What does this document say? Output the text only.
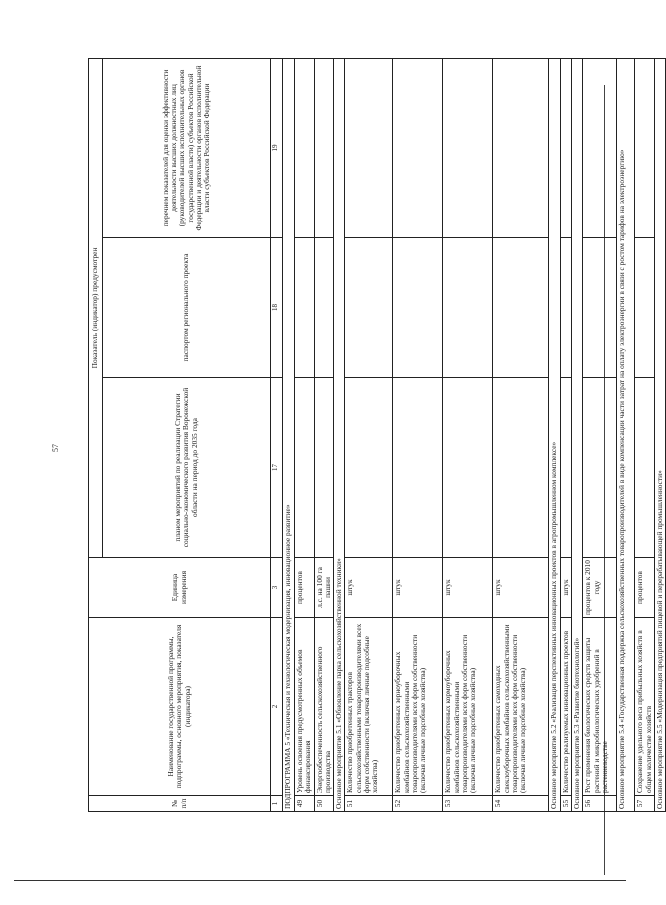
57
№ п/п	Наименование государственной программы, подпрограммы, основного мероприятия, показателя (индикатора)	Единица измерения	Показатель (индикатор) предусмотрен		
			планом мероприятий по реализации Стратегии социально-экономического развития Воронежской области на период до 2035 года	паспортом регионального проекта	перечнем показателей для оценки эффективности деятельности высших должностных лиц (руководителей высших исполнительных органов государственной власти) субъектов Российской Федерации и деятельности органов исполнительной власти субъектов Российской Федерации
1	2	3	17	18	19
ПОДПРОГРАММА 5 «Техническая и технологическая модернизация, инновационное развитие»					
49	Уровень освоения предусмотренных объемов финансирования	процентов			
50	Энергообеспеченность сельскохозяйственного производства	л.с. на 100 га пашни			
Основное мероприятие 5.1 «Обновление парка сельскохозяйственной техники»					
51	Количество приобретенных тракторов сельскохозяйственными товаропроизводителями всех форм собственности (включая личные подсобные хозяйства)	штук			
52	Количество приобретенных зерноуборочных комбайнов сельскохозяйственными товаропроизводителями всех форм собственности (включая личные подсобные хозяйства)	штук			
53	Количество приобретенных кормоуборочных комбайнов сельскохозяйственными товаропроизводителями всех форм собственности (включая личные подсобные хозяйства)	штук			
54	Количество приобретенных самоходных свеклоуборочных комбайнов сельскохозяйственными товаропроизводителями всех форм собственности (включая личные подсобные хозяйства)	штук			
Основное мероприятие 5.2 «Реализация перспективных инновационных проектов в агропромышленном комплексе»					
55	Количество реализуемых инновационных проектов	штук			
Основное мероприятие 5.3 «Развитие биотехнологий»					
56	Рост применения биологических средств защиты растений и микробиологических удобрений в растениеводстве	процентов к 2010 году			
Основное мероприятие 5.4 «Государственная поддержка сельскохозяйственных товаропроизводителей в виде компенсации части затрат на оплату электроэнергии в связи с ростом тарифов на электроэнергию»					
57	Сохранение удельного веса прибыльных хозяйств в общем количестве хозяйств	процентов			
Основное мероприятие 5.5 «Модернизация предприятий пищевой и перерабатывающей промышленности»					
